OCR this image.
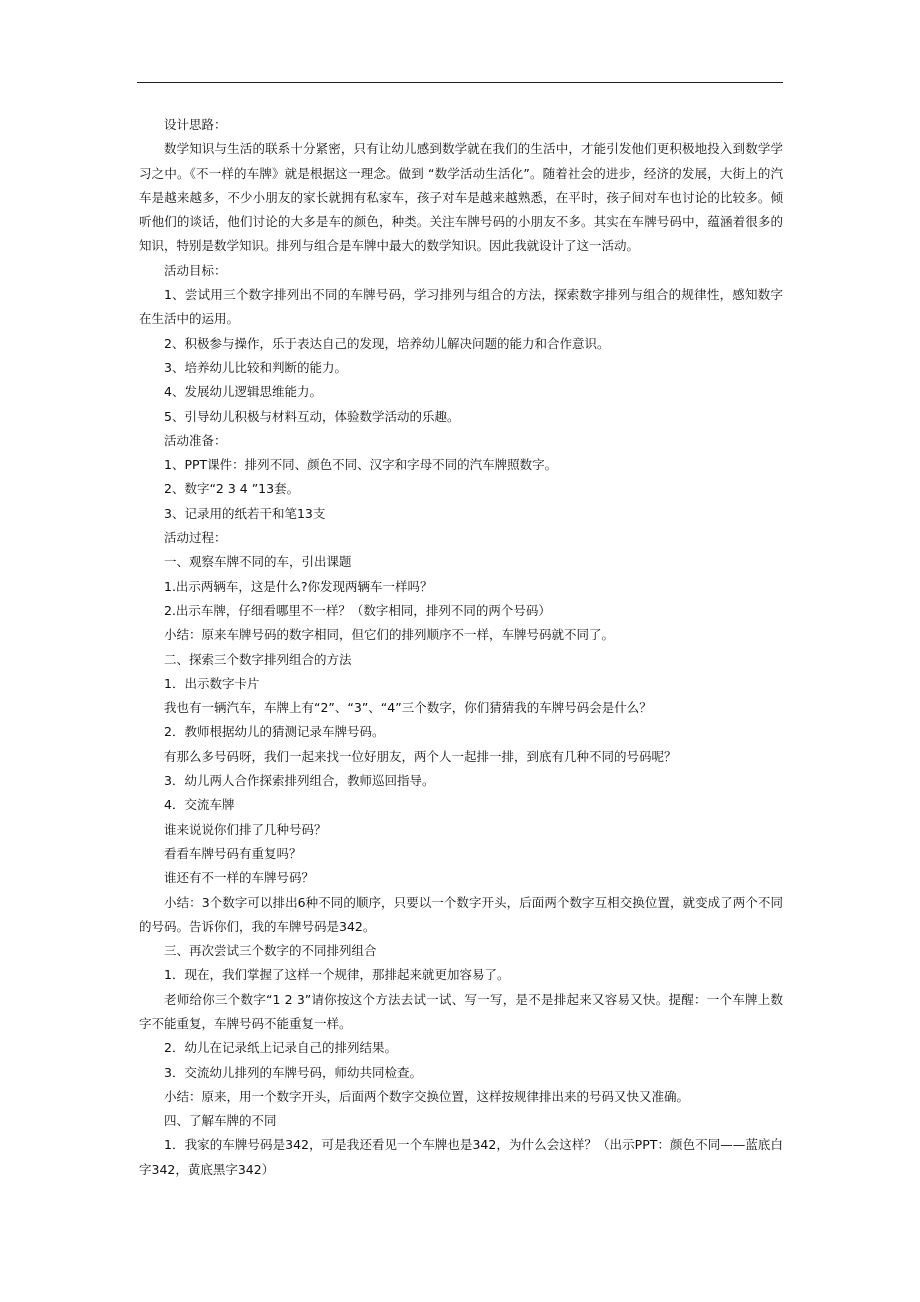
设计思路：

数学知识与生活的联系十分紧密，只有让幼儿感到数学就在我们的生活中，才能引发他们更积极地投入到数学学习之中。《不一样的车牌》就是根据这一理念。做到 “数学活动生活化”。随着社会的进步，经济的发展，大街上的汽车是越来越多，不少小朋友的家长就拥有私家车，孩子对车是越来越熟悉，在平时，孩子间对车也讨论的比较多。倾听他们的谈话，他们讨论的大多是车的颜色，种类。关注车牌号码的小朋友不多。其实在车牌号码中，蕴涵着很多的知识，特别是数学知识。排列与组合是车牌中最大的数学知识。因此我就设计了这一活动。

活动目标：

1、尝试用三个数字排列出不同的车牌号码，学习排列与组合的方法，探索数字排列与组合的规律性，感知数字在生活中的运用。

2、积极参与操作，乐于表达自己的发现，培养幼儿解决问题的能力和合作意识。

3、培养幼儿比较和判断的能力。

4、发展幼儿逻辑思维能力。

5、引导幼儿积极与材料互动，体验数学活动的乐趣。

活动准备：

1、PPT课件：排列不同、颜色不同、汉字和字母不同的汽车牌照数字。

2、数字“2 3 4 ”13套。

3、记录用的纸若干和笔13支

活动过程：

一、观察车牌不同的车，引出课题

1.出示两辆车，这是什么?你发现两辆车一样吗？

2.出示车牌，仔细看哪里不一样？（数字相同，排列不同的两个号码）

小结：原来车牌号码的数字相同，但它们的排列顺序不一样，车牌号码就不同了。

二、探索三个数字排列组合的方法

1．出示数字卡片

我也有一辆汽车，车牌上有“2”、“3”、“4”三个数字，你们猜猜我的车牌号码会是什么？

2．教师根据幼儿的猜测记录车牌号码。

有那么多号码呀，我们一起来找一位好朋友，两个人一起排一排，到底有几种不同的号码呢？

3．幼儿两人合作探索排列组合，教师巡回指导。

4．交流车牌

谁来说说你们排了几种号码？

看看车牌号码有重复吗？

谁还有不一样的车牌号码？

小结：3个数字可以排出6种不同的顺序，只要以一个数字开头，后面两个数字互相交换位置，就变成了两个不同的号码。告诉你们，我的车牌号码是342。

三、再次尝试三个数字的不同排列组合

1．现在，我们掌握了这样一个规律，那排起来就更加容易了。

老师给你三个数字“1 2 3”请你按这个方法去试一试、写一写，是不是排起来又容易又快。提醒：一个车牌上数字不能重复，车牌号码不能重复一样。

2．幼儿在记录纸上记录自己的排列结果。

3．交流幼儿排列的车牌号码，师幼共同检查。

小结：原来，用一个数字开头，后面两个数字交换位置，这样按规律排出来的号码又快又准确。

四、了解车牌的不同

1．我家的车牌号码是342，可是我还看见一个车牌也是342，为什么会这样？（出示PPT：颜色不同——蓝底白字342，黄底黑字342）
